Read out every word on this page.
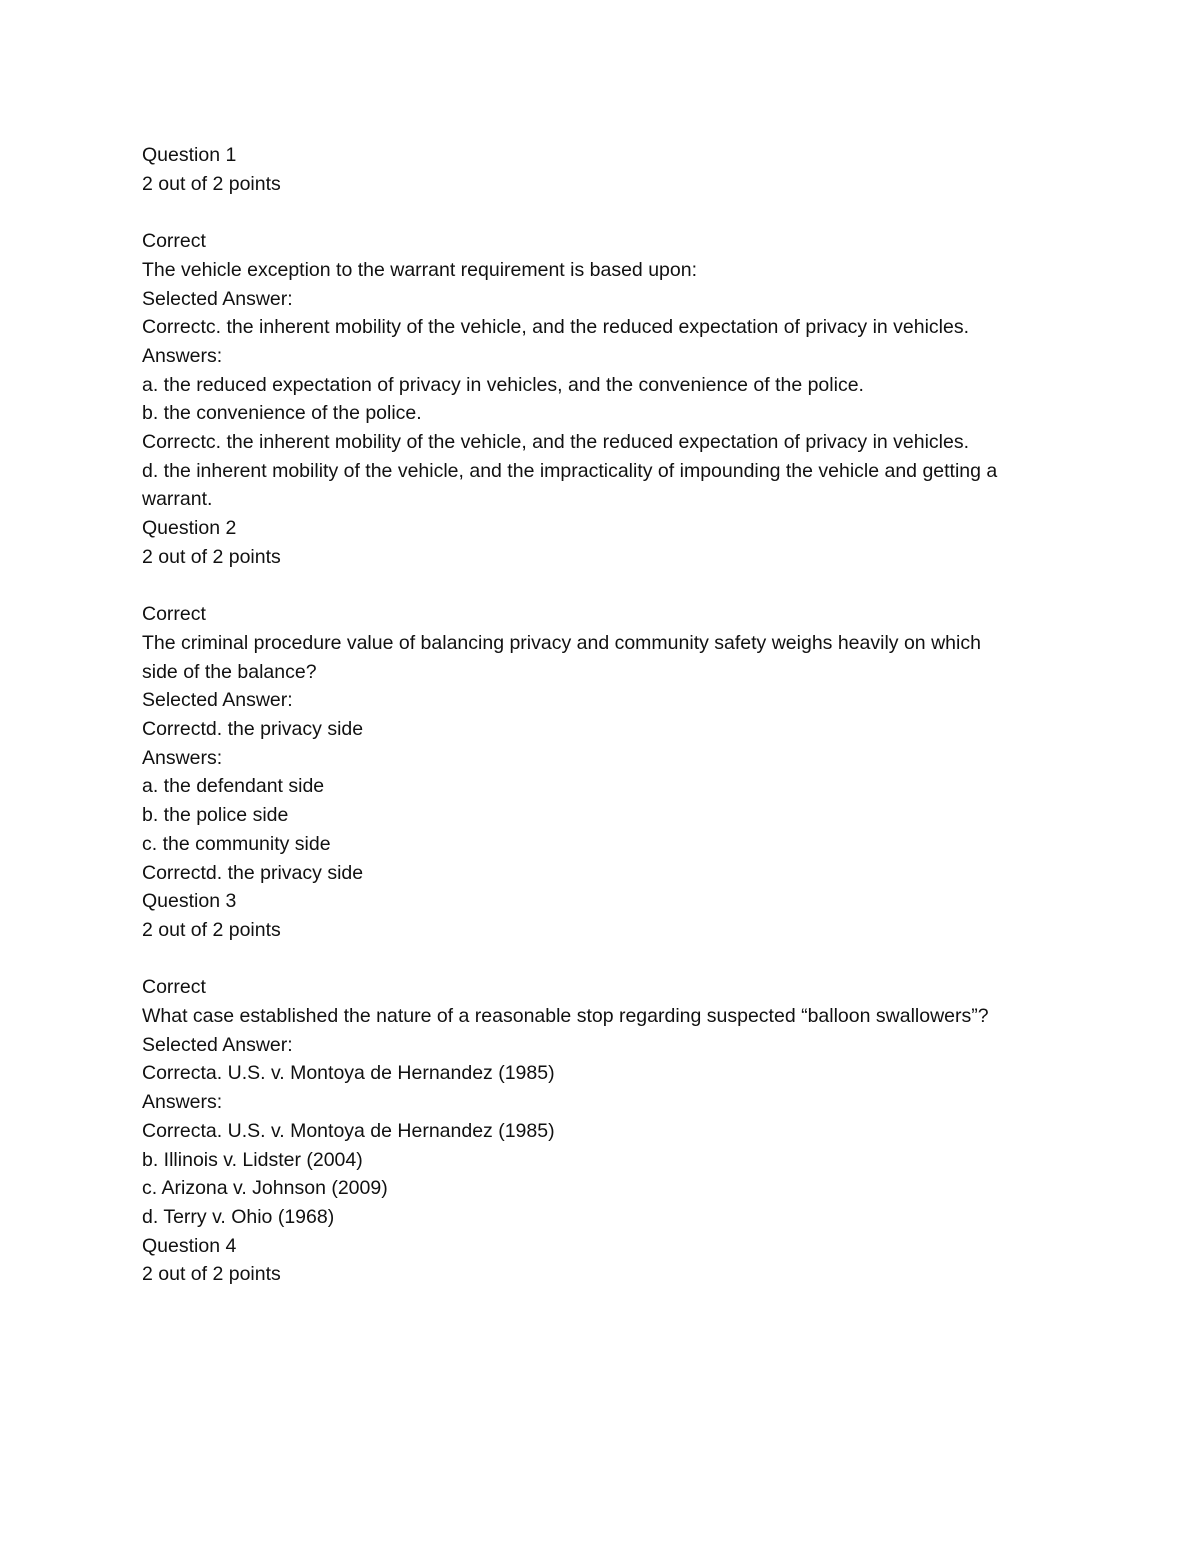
Question 1
2 out of 2 points
Correct
The vehicle exception to the warrant requirement is based upon:
Selected Answer:
Correctc. the inherent mobility of the vehicle, and the reduced expectation of privacy in vehicles.
Answers:
a. the reduced expectation of privacy in vehicles, and the convenience of the police.
b. the convenience of the police.
Correctc. the inherent mobility of the vehicle, and the reduced expectation of privacy in vehicles.
d. the inherent mobility of the vehicle, and the impracticality of impounding the vehicle and getting a warrant.
Question 2
2 out of 2 points
Correct
The criminal procedure value of balancing privacy and community safety weighs heavily on which side of the balance?
Selected Answer:
Correctd. the privacy side
Answers:
a. the defendant side
b. the police side
c. the community side
Correctd. the privacy side
Question 3
2 out of 2 points
Correct
What case established the nature of a reasonable stop regarding suspected “balloon swallowers”?
Selected Answer:
Correcta. U.S. v. Montoya de Hernandez (1985)
Answers:
Correcta. U.S. v. Montoya de Hernandez (1985)
b. Illinois v. Lidster (2004)
c. Arizona v. Johnson (2009)
d. Terry v. Ohio (1968)
Question 4
2 out of 2 points
